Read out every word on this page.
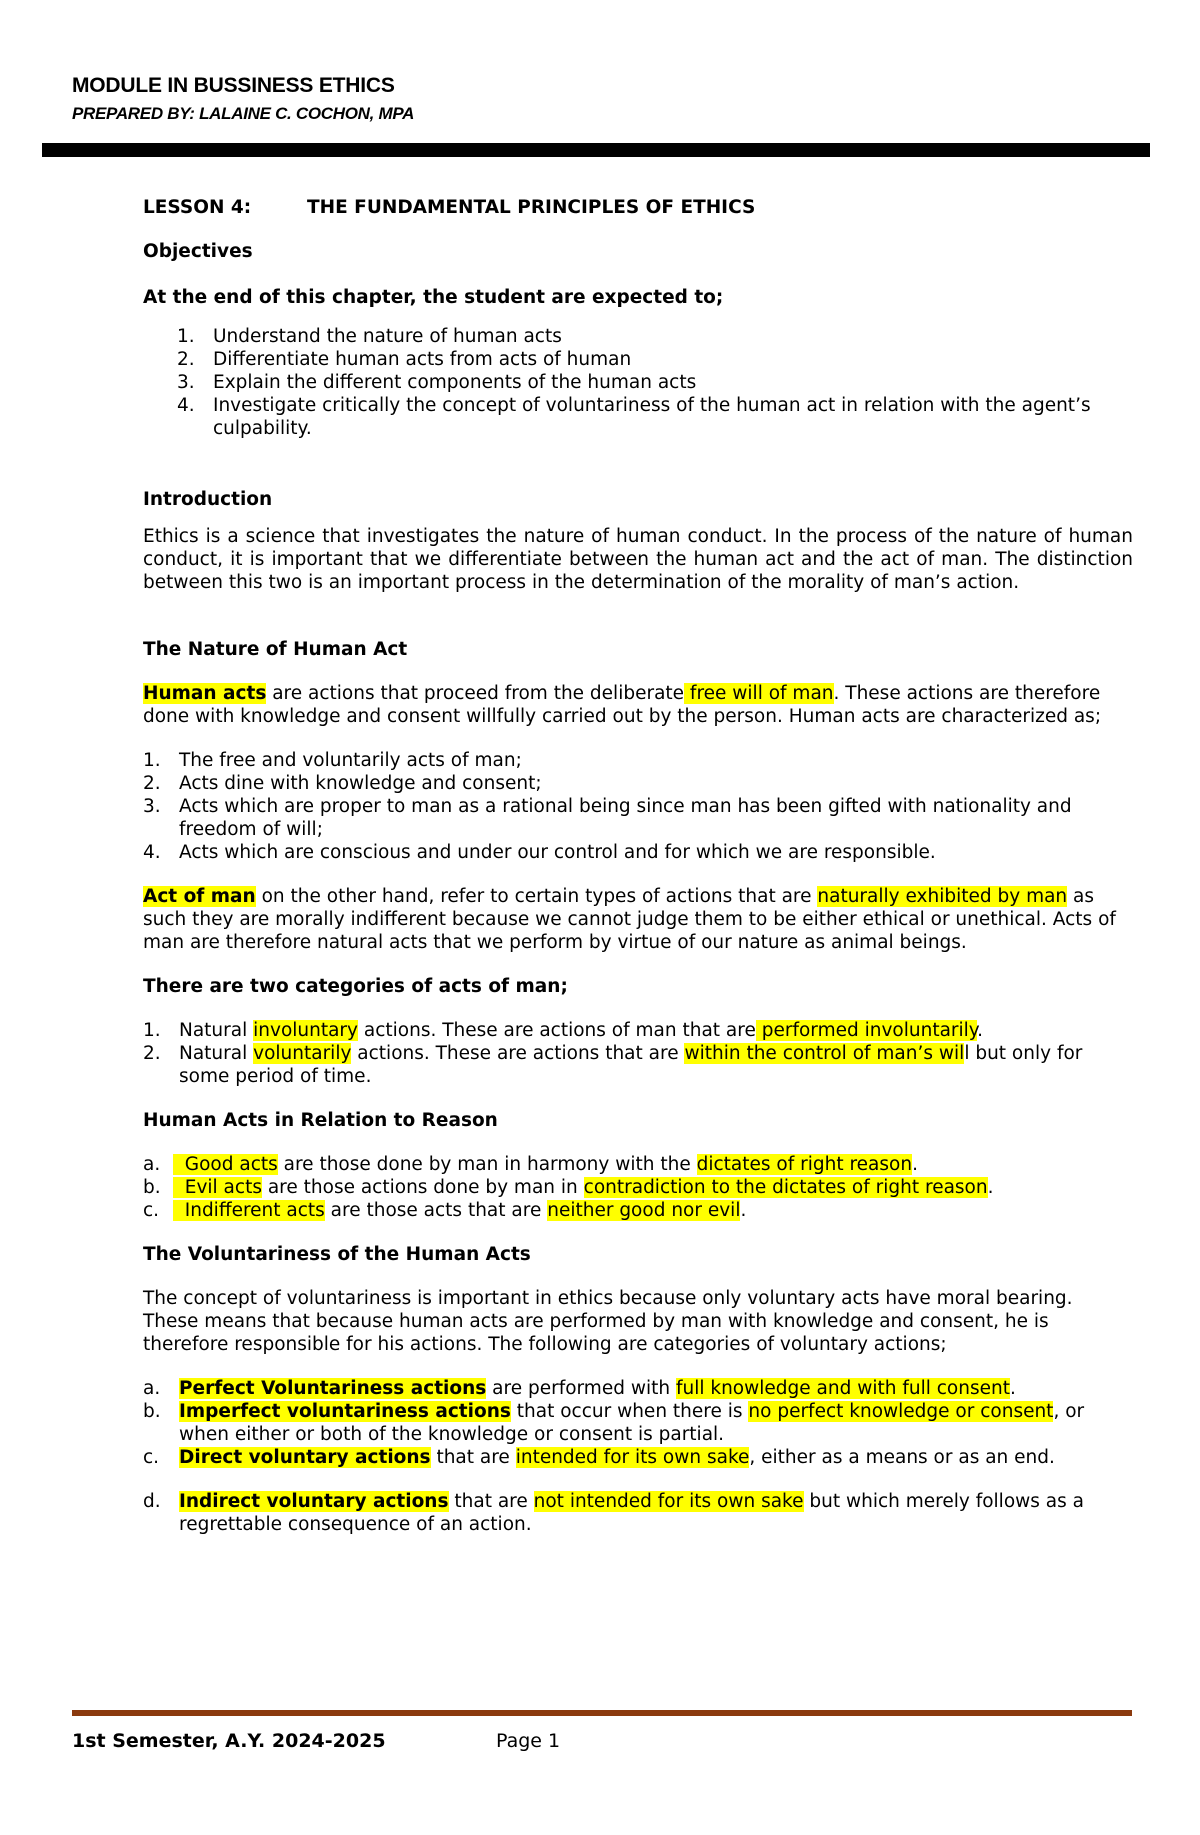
MODULE IN BUSSINESS ETHICS
PREPARED BY: LALAINE C. COCHON, MPA
LESSON 4:	THE FUNDAMENTAL PRINCIPLES OF ETHICS

Objectives

At the end of this chapter, the student are expected to;

1. Understand the nature of human acts
2. Differentiate human acts from acts of human
3. Explain the different components of the human acts
4. Investigate critically the concept of voluntariness of the human act in relation with the agent’s culpability.

Introduction

Ethics is a science that investigates the nature of human conduct. In the process of the nature of human conduct, it is important that we differentiate between the human act and the act of man. The distinction between this two is an important process in the determination of the morality of man’s action.

The Nature of Human Act

Human acts are actions that proceed from the deliberate free will of man. These actions are therefore done with knowledge and consent willfully carried out by the person. Human acts are characterized as;

1. The free and voluntarily acts of man;
2. Acts dine with knowledge and consent;
3. Acts which are proper to man as a rational being since man has been gifted with nationality and freedom of will;
4. Acts which are conscious and under our control and for which we are responsible.

Act of man on the other hand, refer to certain types of actions that are naturally exhibited by man as such they are morally indifferent because we cannot judge them to be either ethical or unethical. Acts of man are therefore natural acts that we perform by virtue of our nature as animal beings.

There are two categories of acts of man;

1. Natural involuntary actions. These are actions of man that are performed involuntarily.
2. Natural voluntarily actions. These are actions that are within the control of man’s will but only for some period of time.

Human Acts in Relation to Reason

a. Good acts are those done by man in harmony with the dictates of right reason.
b. Evil acts are those actions done by man in contradiction to the dictates of right reason.
c. Indifferent acts are those acts that are neither good nor evil.

The Voluntariness of the Human Acts

The concept of voluntariness is important in ethics because only voluntary acts have moral bearing. These means that because human acts are performed by man with knowledge and consent, he is therefore responsible for his actions. The following are categories of voluntary actions;

a.	Perfect Voluntariness actions are performed with full knowledge and with full consent.
b. Imperfect voluntariness actions that occur when there is no perfect knowledge or consent, or when either or both of the knowledge or consent is partial.
c.	Direct voluntary actions that are intended for its own sake, either as a means or as an end.
d. Indirect voluntary actions that are not intended for its own sake but which merely follows as a regrettable consequence of an action.
1st Semester, A.Y. 2024-2025	Page 1
